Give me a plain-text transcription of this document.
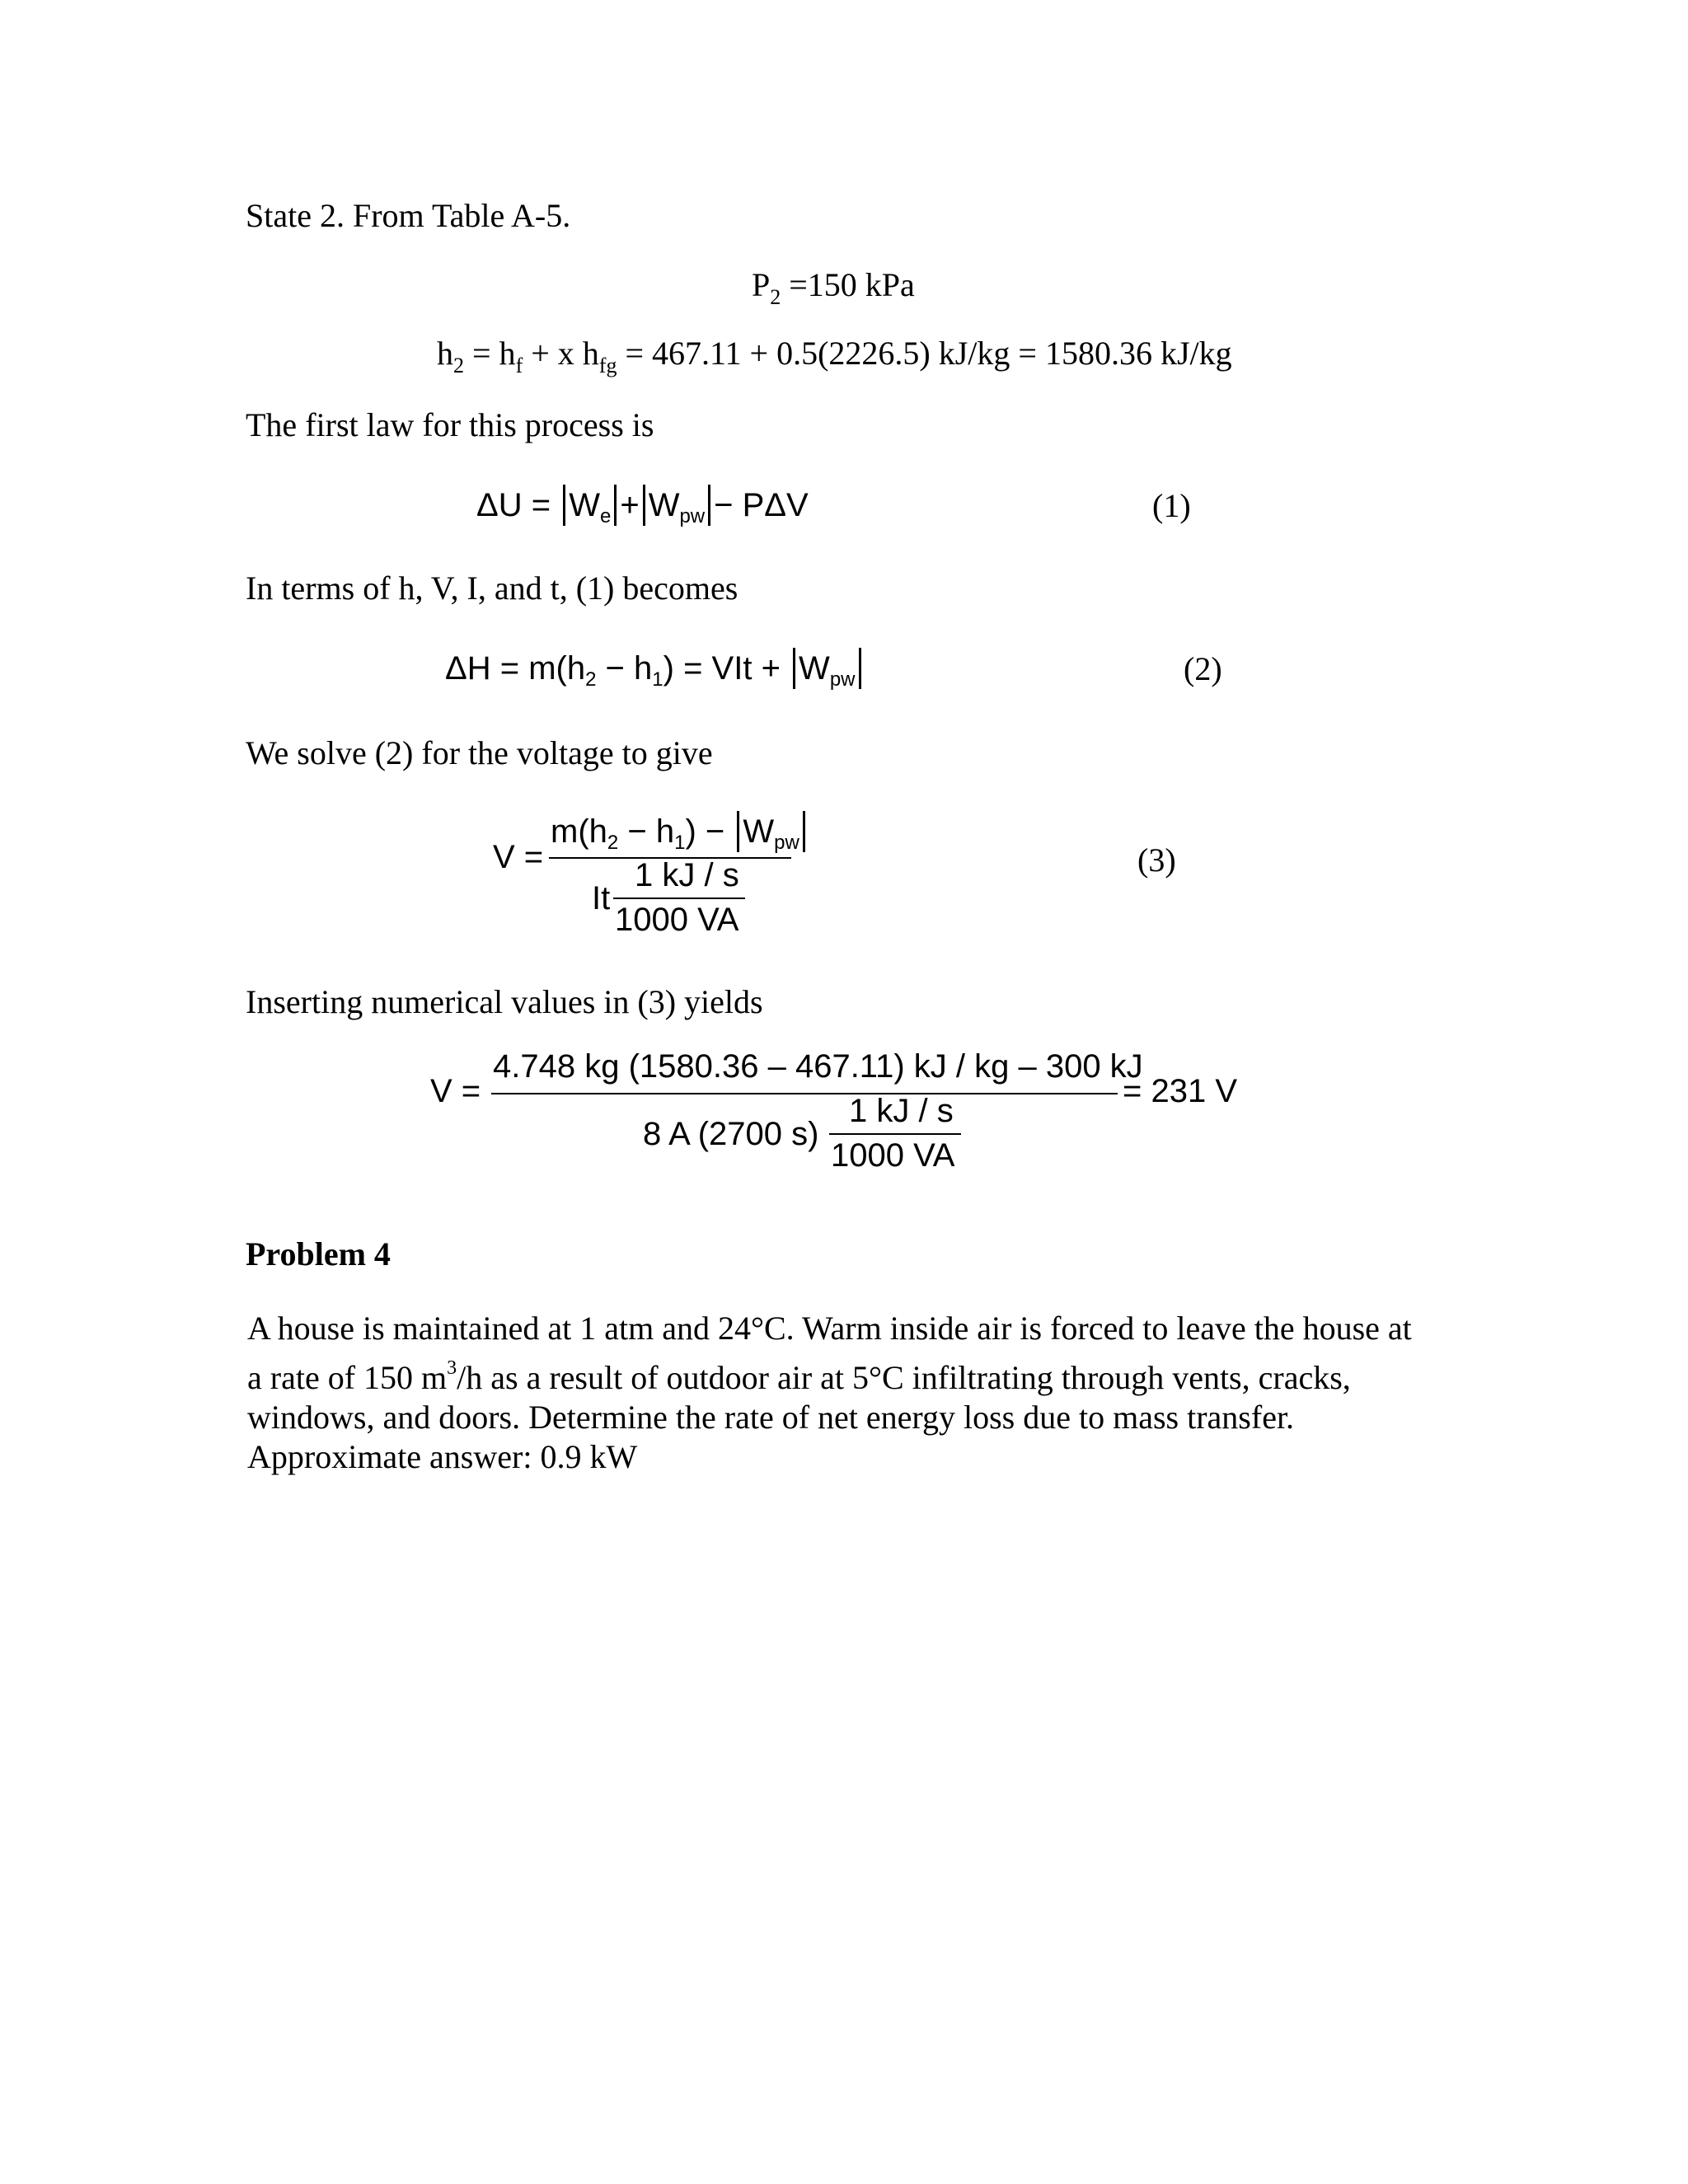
State 2. From Table A-5.
$P_2 =150$ kPa
$h_2 = h_f + x$ $h_{fg} = 467.11 + 0.5(2226.5) kJ/kg = 1580.36$ kJ/kg
The first law for this process is
$\Delta U = W_e + W_{pw} - P\Delta V$	(1)
In terms of h, V, I, and t, (1) becomes
$\Delta H = m(h_2 - h_1)$ = VIt + $W_{pw}$	(2)
We solve (2) for the voltage to give
V =
$m(h_2 - h_1) - W_{pw}$
It
1 kJ / s
1000 VA
(3)
Inserting numerical values in (3) yields
V =
4.748 kg (1580.36 – 467.11) kJ / kg – 300 kJ
8 A (2700 s)
1 kJ / s
1000 VA
= 231 V
Problem 4
A house is maintained at 1 atm and 24°C. Warm inside air is forced to leave the house at
a rate of 150 $m^3/h$ as a result of outdoor air at 5°C infiltrating through vents, cracks,
windows, and doors. Determine the rate of net energy loss due to mass transfer.
Approximate answer: 0.9 kW
